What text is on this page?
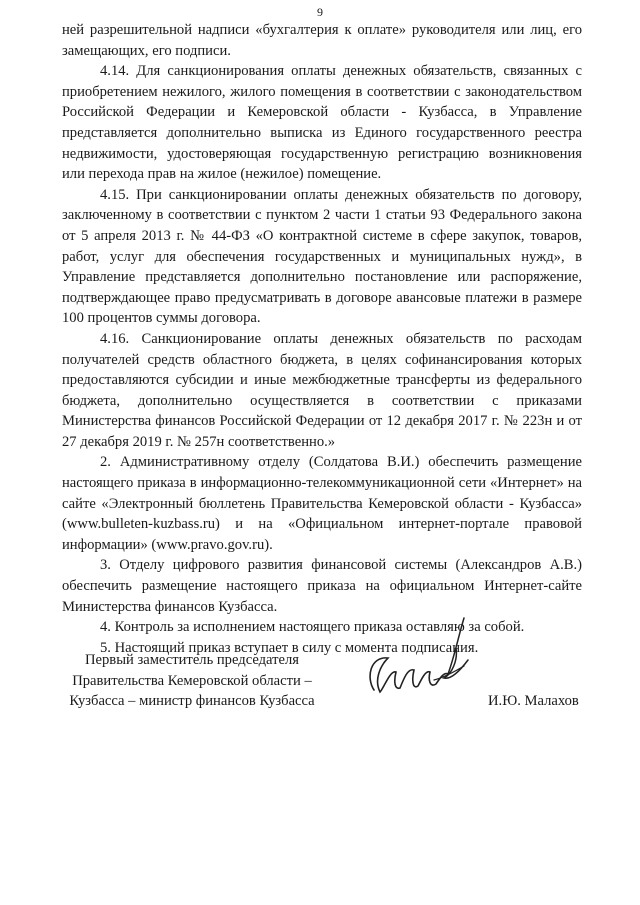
9

ней разрешительной надписи «бухгалтерия к оплате» руководителя или лиц, его замещающих, его подписи.

4.14. Для санкционирования оплаты денежных обязательств, связанных с приобретением нежилого, жилого помещения в соответствии с законодательством Российской Федерации и Кемеровской области - Кузбасса, в Управление представляется дополнительно выписка из Единого государственного реестра недвижимости, удостоверяющая государственную регистрацию возникновения или перехода прав на жилое (нежилое) помещение.

4.15. При санкционировании оплаты денежных обязательств по договору, заключенному в соответствии с пунктом 2 части 1 статьи 93 Федерального закона от 5 апреля 2013 г. № 44-ФЗ «О контрактной системе в сфере закупок, товаров, работ, услуг для обеспечения государственных и муниципальных нужд», в Управление представляется дополнительно постановление или распоряжение, подтверждающее право предусматривать в договоре авансовые платежи в размере 100 процентов суммы договора.

4.16. Санкционирование оплаты денежных обязательств по расходам получателей средств областного бюджета, в целях софинансирования которых предоставляются субсидии и иные межбюджетные трансферты из федерального бюджета, дополнительно осуществляется в соответствии с приказами Министерства финансов Российской Федерации от 12 декабря 2017 г. № 223н и от 27 декабря 2019 г. № 257н соответственно.»

2. Административному отделу (Солдатова В.И.) обеспечить размещение настоящего приказа в информационно-телекоммуникационной сети «Интернет» на сайте «Электронный бюллетень Правительства Кемеровской области - Кузбасса» (www.bulleten-kuzbass.ru) и на «Официальном интернет-портале правовой информации» (www.pravo.gov.ru).

3. Отделу цифрового развития финансовой системы (Александров А.В.) обеспечить размещение настоящего приказа на официальном Интернет-сайте Министерства финансов Кузбасса.

4. Контроль за исполнением настоящего приказа оставляю за собой.

5. Настоящий приказ вступает в силу с момента подписания.

Первый заместитель председателя
Правительства Кемеровской области –
Кузбасса – министр финансов Кузбасса	И.Ю. Малахов
